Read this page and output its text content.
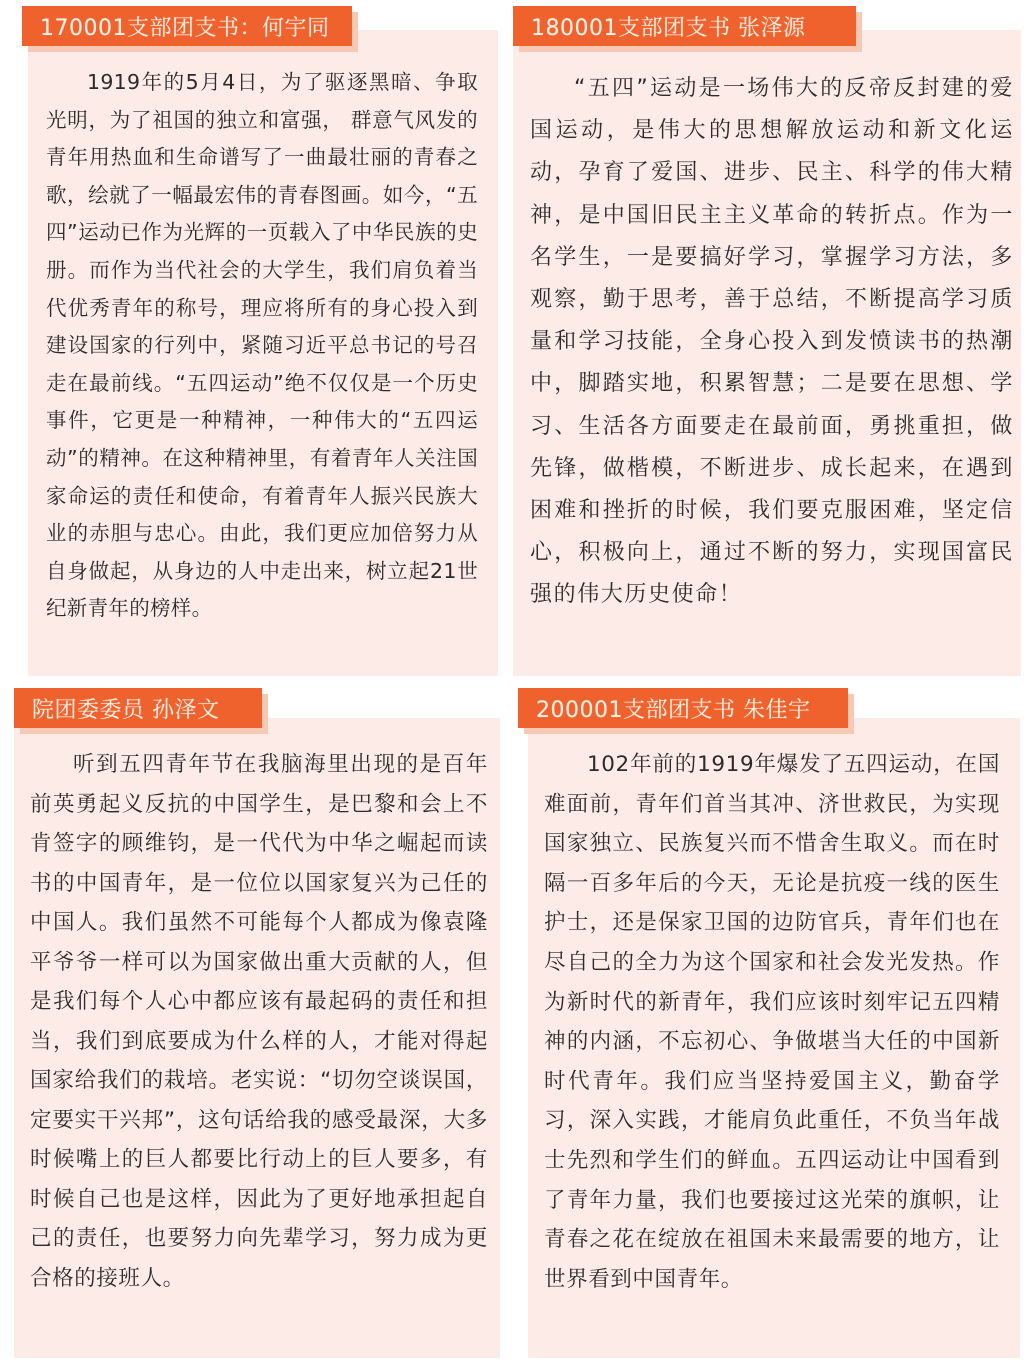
170001支部团支书：何宇同	180001支部团支书 张泽源
院团委委员 孙泽文	200001支部团支书 朱佳宇

1919年的5月4日，为了驱逐黑暗、争取光明，为了祖国的独立和富强， 群意气风发的青年用热血和生命谱写了一曲最壮丽的青春之歌，绘就了一幅最宏伟的青春图画。如今，“五四”运动已作为光辉的一页载入了中华民族的史册。而作为当代社会的大学生，我们肩负着当代优秀青年的称号，理应将所有的身心投入到建设国家的行列中，紧随习近平总书记的号召走在最前线。“五四运动”绝不仅仅是一个历史事件，它更是一种精神，一种伟大的“五四运动”的精神。在这种精神里，有着青年人关注国家命运的责任和使命，有着青年人振兴民族大业的赤胆与忠心。由此，我们更应加倍努力从自身做起，从身边的人中走出来，树立起21世纪新青年的榜样。

“五四”运动是一场伟大的反帝反封建的爱国运动，是伟大的思想解放运动和新文化运动，孕育了爱国、进步、民主、科学的伟大精神，是中国旧民主主义革命的转折点。作为一名学生，一是要搞好学习，掌握学习方法，多观察，勤于思考，善于总结，不断提高学习质量和学习技能，全身心投入到发愤读书的热潮中，脚踏实地，积累智慧；二是要在思想、学习、生活各方面要走在最前面，勇挑重担，做先锋，做楷模，不断进步、成长起来，在遇到困难和挫折的时候，我们要克服困难，坚定信心，积极向上，通过不断的努力，实现国富民强的伟大历史使命！

听到五四青年节在我脑海里出现的是百年前英勇起义反抗的中国学生，是巴黎和会上不肯签字的顾维钧，是一代代为中华之崛起而读书的中国青年，是一位位以国家复兴为己任的中国人。我们虽然不可能每个人都成为像袁隆平爷爷一样可以为国家做出重大贡献的人，但是我们每个人心中都应该有最起码的责任和担当，我们到底要成为什么样的人，才能对得起国家给我们的栽培。老实说：“切勿空谈误国，定要实干兴邦”，这句话给我的感受最深，大多时候嘴上的巨人都要比行动上的巨人要多，有时候自己也是这样，因此为了更好地承担起自己的责任，也要努力向先辈学习，努力成为更合格的接班人。

102年前的1919年爆发了五四运动，在国难面前，青年们首当其冲、济世救民，为实现国家独立、民族复兴而不惜舍生取义。而在时隔一百多年后的今天，无论是抗疫一线的医生护士，还是保家卫国的边防官兵，青年们也在尽自己的全力为这个国家和社会发光发热。作为新时代的新青年，我们应该时刻牢记五四精神的内涵，不忘初心、争做堪当大任的中国新时代青年。我们应当坚持爱国主义，勤奋学习，深入实践，才能肩负此重任，不负当年战士先烈和学生们的鲜血。五四运动让中国看到了青年力量，我们也要接过这光荣的旗帜，让青春之花在绽放在祖国未来最需要的地方，让世界看到中国青年。
